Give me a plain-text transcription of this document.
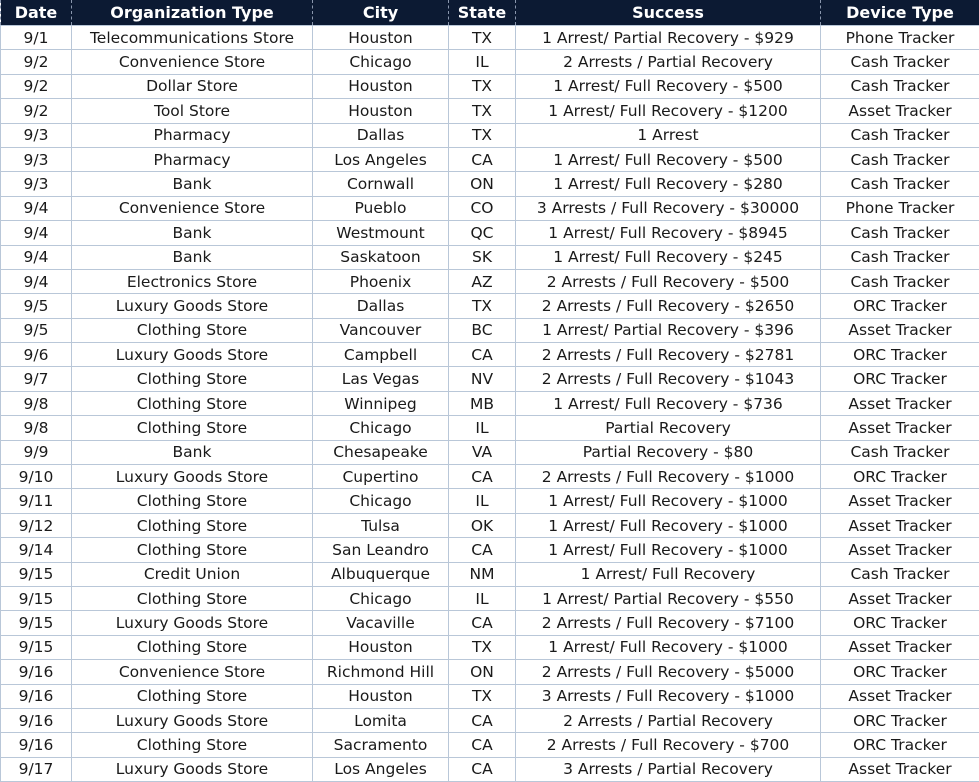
Date	Organization Type	City	State	Success	Device Type
9/1	Telecommunications Store	Houston	TX	1 Arrest/ Partial Recovery - $929	Phone Tracker
9/2	Convenience Store	Chicago	IL	2 Arrests / Partial Recovery	Cash Tracker
9/2	Dollar Store	Houston	TX	1 Arrest/ Full Recovery - $500	Cash Tracker
9/2	Tool Store	Houston	TX	1 Arrest/ Full Recovery - $1200	Asset Tracker
9/3	Pharmacy	Dallas	TX	1 Arrest	Cash Tracker
9/3	Pharmacy	Los Angeles	CA	1 Arrest/ Full Recovery - $500	Cash Tracker
9/3	Bank	Cornwall	ON	1 Arrest/ Full Recovery - $280	Cash Tracker
9/4	Convenience Store	Pueblo	CO	3 Arrests / Full Recovery - $30000	Phone Tracker
9/4	Bank	Westmount	QC	1 Arrest/ Full Recovery - $8945	Cash Tracker
9/4	Bank	Saskatoon	SK	1 Arrest/ Full Recovery - $245	Cash Tracker
9/4	Electronics Store	Phoenix	AZ	2 Arrests / Full Recovery - $500	Cash Tracker
9/5	Luxury Goods Store	Dallas	TX	2 Arrests / Full Recovery - $2650	ORC Tracker
9/5	Clothing Store	Vancouver	BC	1 Arrest/ Partial Recovery - $396	Asset Tracker
9/6	Luxury Goods Store	Campbell	CA	2 Arrests / Full Recovery - $2781	ORC Tracker
9/7	Clothing Store	Las Vegas	NV	2 Arrests / Full Recovery - $1043	ORC Tracker
9/8	Clothing Store	Winnipeg	MB	1 Arrest/ Full Recovery - $736	Asset Tracker
9/8	Clothing Store	Chicago	IL	Partial Recovery	Asset Tracker
9/9	Bank	Chesapeake	VA	Partial Recovery - $80	Cash Tracker
9/10	Luxury Goods Store	Cupertino	CA	2 Arrests / Full Recovery - $1000	ORC Tracker
9/11	Clothing Store	Chicago	IL	1 Arrest/ Full Recovery - $1000	Asset Tracker
9/12	Clothing Store	Tulsa	OK	1 Arrest/ Full Recovery - $1000	Asset Tracker
9/14	Clothing Store	San Leandro	CA	1 Arrest/ Full Recovery - $1000	Asset Tracker
9/15	Credit Union	Albuquerque	NM	1 Arrest/ Full Recovery	Cash Tracker
9/15	Clothing Store	Chicago	IL	1 Arrest/ Partial Recovery - $550	Asset Tracker
9/15	Luxury Goods Store	Vacaville	CA	2 Arrests / Full Recovery - $7100	ORC Tracker
9/15	Clothing Store	Houston	TX	1 Arrest/ Full Recovery - $1000	Asset Tracker
9/16	Convenience Store	Richmond Hill	ON	2 Arrests / Full Recovery - $5000	ORC Tracker
9/16	Clothing Store	Houston	TX	3 Arrests / Full Recovery - $1000	Asset Tracker
9/16	Luxury Goods Store	Lomita	CA	2 Arrests / Partial Recovery	ORC Tracker
9/16	Clothing Store	Sacramento	CA	2 Arrests / Full Recovery - $700	ORC Tracker
9/17	Luxury Goods Store	Los Angeles	CA	3 Arrests / Partial Recovery	Asset Tracker
